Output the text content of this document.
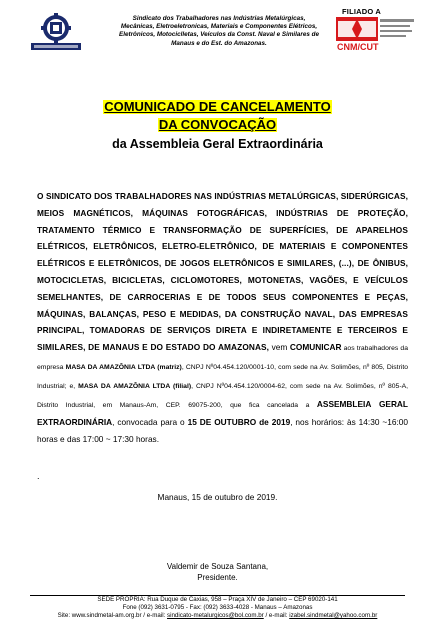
Sindicato dos Trabalhadores nas Indústrias Metalúrgicas,
Mecânicas, Eletroeletronicas, Materiais e Componentes Elétricos,
Eletrônicos, Motociclletas, Veículos da Const. Naval e Similares de
Manaus e do Est. do Amazonas.
FILIADO A
CNM/CUT
COMUNICADO DE CANCELAMENTO
DA CONVOCAÇÃO
da Assembleia Geral Extraordinária
O SINDICATO DOS TRABALHADORES NAS INDÚSTRIAS METALÚRGICAS, SIDERÚRGICAS, MEIOS MAGNÉTICOS, MÁQUINAS FOTOGRÁFICAS, INDÚSTRIAS DE PROTEÇÃO, TRATAMENTO TÉRMICO E TRANSFORMAÇÃO DE SUPERFÍCIES, DE APARELHOS ELÉTRICOS, ELETRÔNICOS, ELETRO-ELETRÔNICO, DE MATERIAIS E COMPONENTES ELÉTRICOS E ELETRÔNICOS, DE JOGOS ELETRÔNICOS E SIMILARES, (...), DE ÔNIBUS, MOTOCICLETAS, BICICLETAS, CICLOMOTORES, MOTONETAS, VAGÕES, E VEÍCULOS SEMELHANTES, DE CARROCERIAS E DE TODOS SEUS COMPONENTES E PEÇAS, MÁQUINAS, BALANÇAS, PESO E MEDIDAS, DA CONSTRUÇÃO NAVAL, DAS EMPRESAS PRINCIPAL, TOMADORAS DE SERVIÇOS DIRETA E INDIRETAMENTE E TERCEIROS E SIMILARES, DE MANAUS E DO ESTADO DO AMAZONAS, vem COMUNICAR aos trabalhadores da empresa MASA DA AMAZÔNIA LTDA (matriz), CNPJ Nº04.454.120/0001-10, com sede na Av. Solimões, nº 805, Distrito Industrial; e, MASA DA AMAZÔNIA LTDA (filial), CNPJ Nº04.454.120/0004-62, com sede na Av. Solimões, nº 805-A, Distrito Industrial, em Manaus-Am, CEP. 69075-200, que fica cancelada a ASSEMBLEIA GERAL EXTRAORDINÁRIA, convocada para o 15 DE OUTUBRO de 2019, nos horários: às 14:30 ~16:00 horas e das 17:00 ~ 17:30 horas.
.
Manaus, 15 de outubro de 2019.
Valdemir de Souza Santana,
Presidente.
SEDE PRÓPRIA: Rua Duque de Caxias, 958 – Praça XIV de Janeiro – CEP 69020-141
Fone (092) 3631-0795 - Fax: (092) 3633-4028 - Manaus – Amazonas
Site: www.sindmetal-am.org.br / e-mail: sindicato-metalurgicos@bol.com.br / e-mail: izabel.sindmetal@yahoo.com.br
